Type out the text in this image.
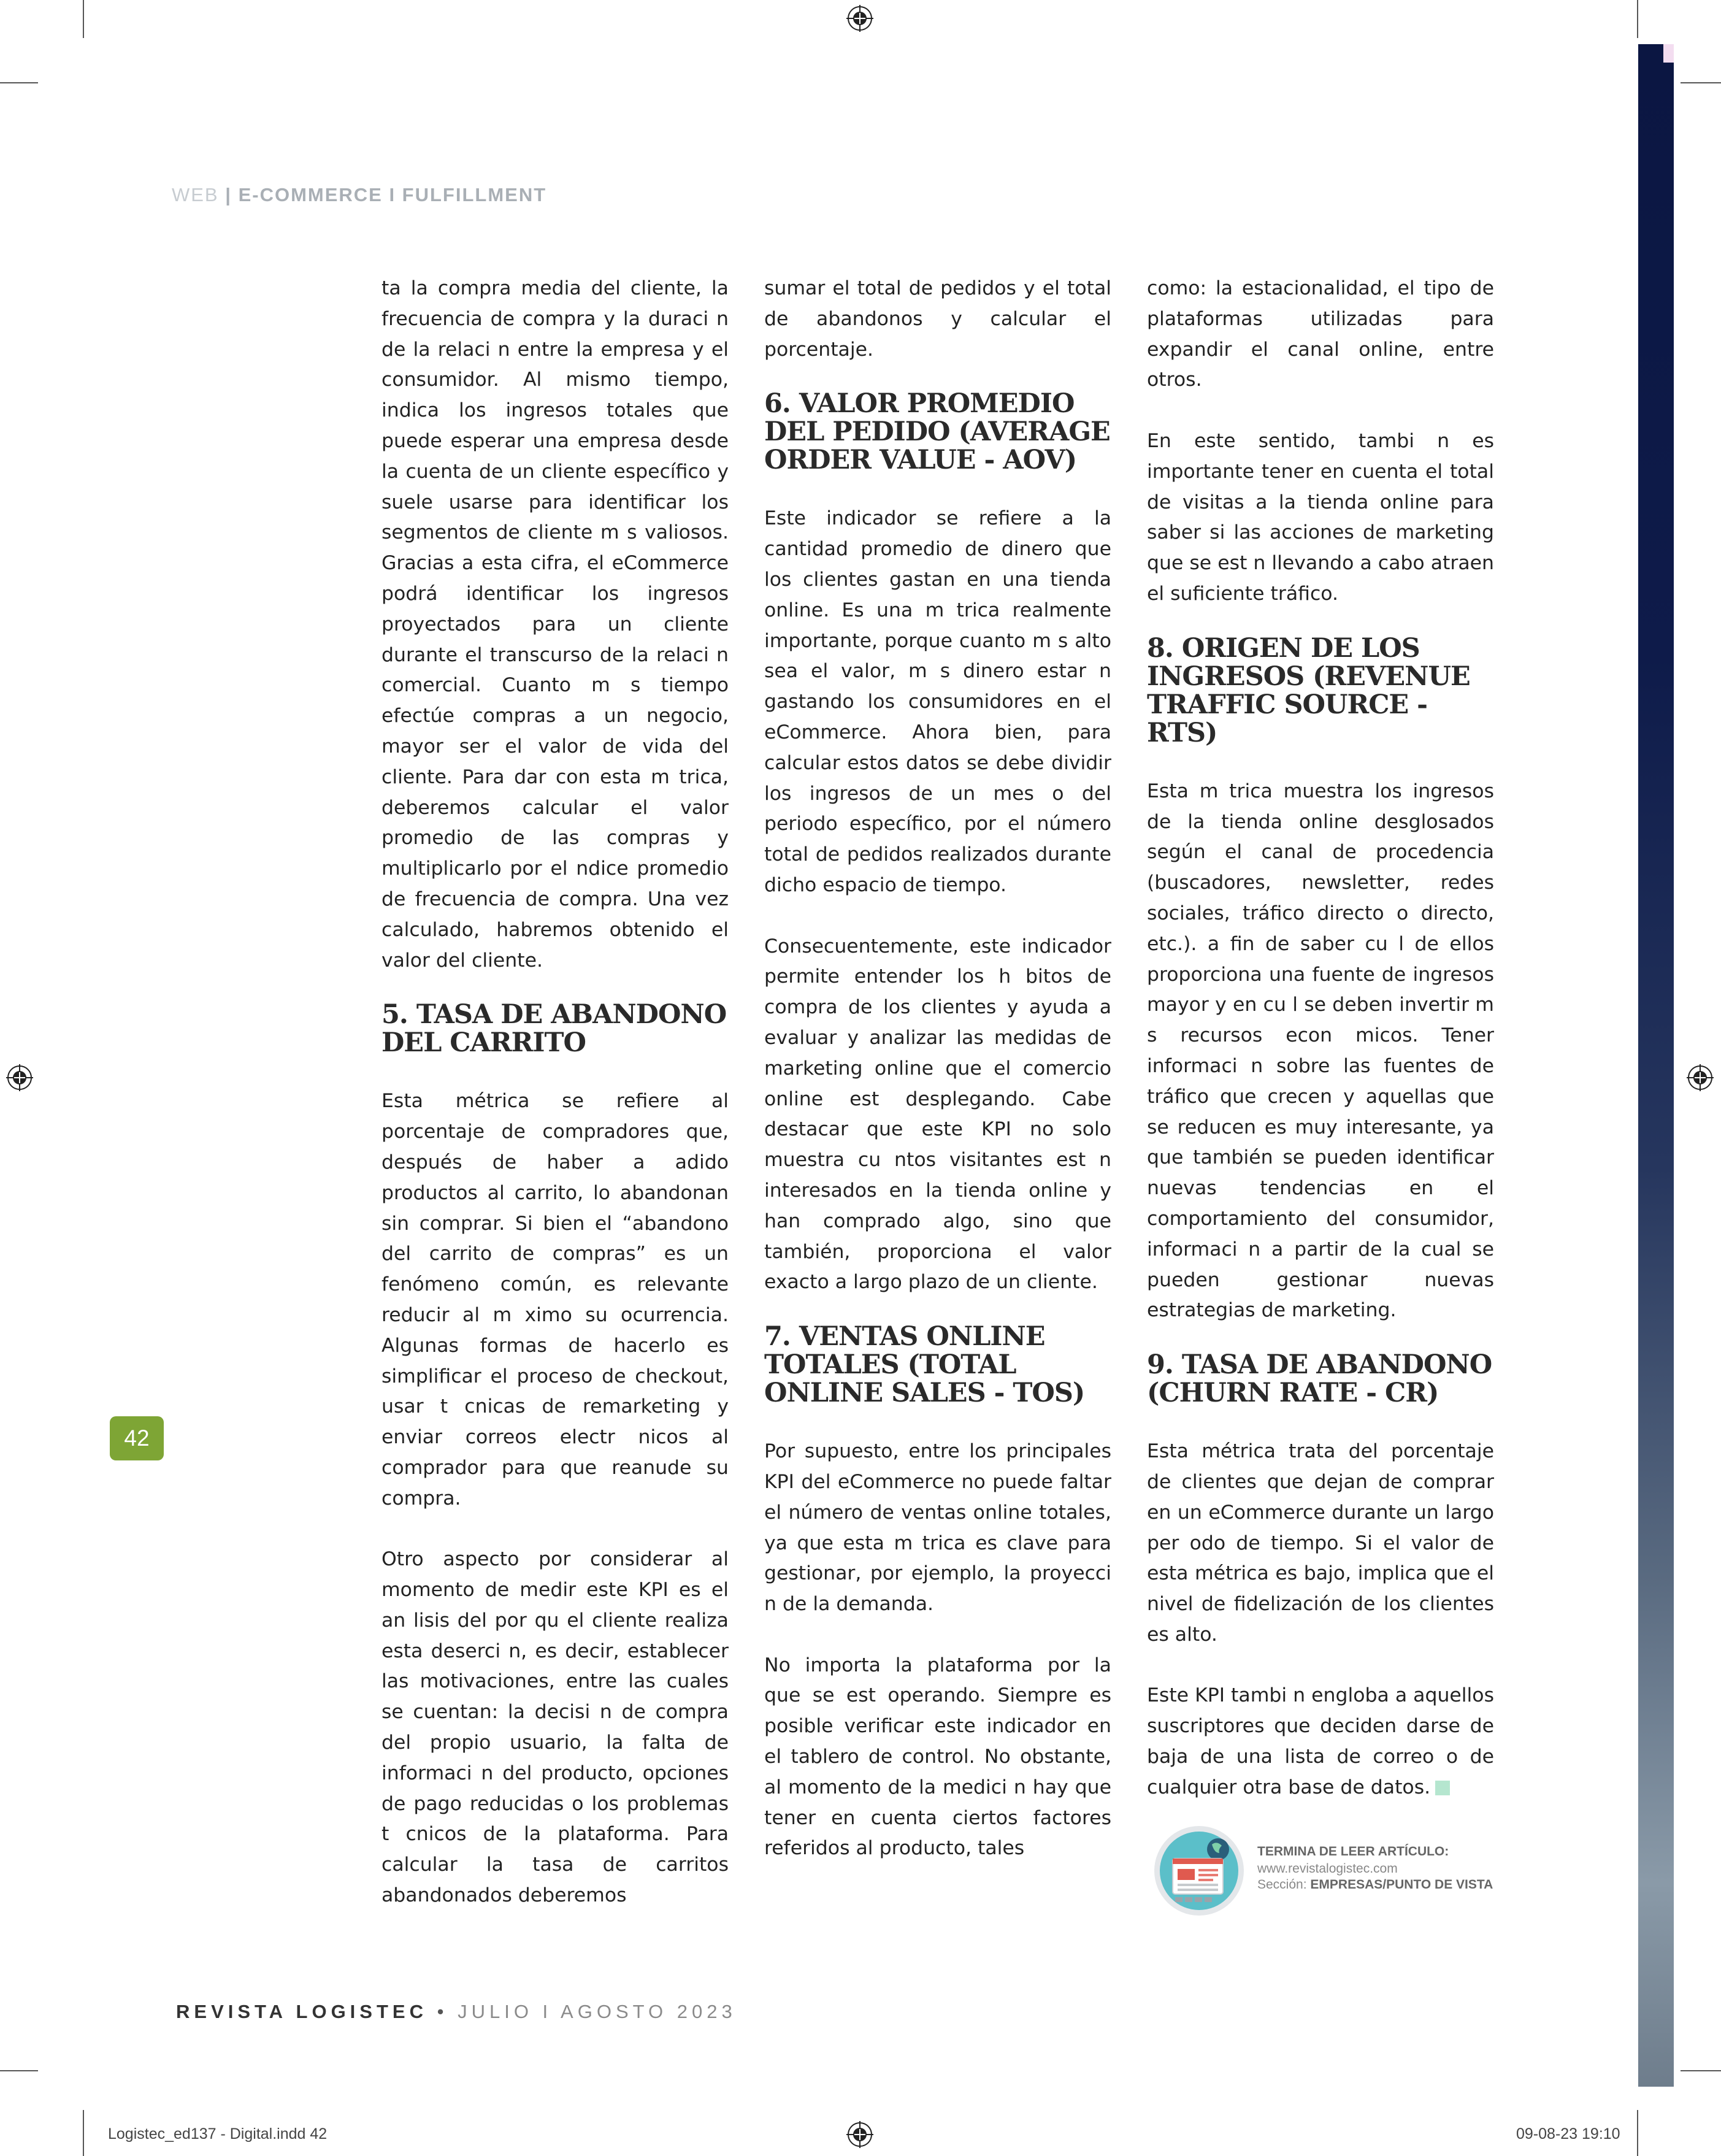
WEB | E-COMMERCE I FULFILLMENT

ta la compra media del cliente, la frecuencia de compra y la duraci n de la relaci n entre la empresa y el consumidor. Al mismo tiempo, indica los ingresos totales que puede esperar una empresa desde la cuenta de un cliente específico y suele usarse para identificar los segmentos de cliente m s valiosos. Gracias a esta cifra, el eCommerce podrá identificar los ingresos proyectados para un cliente durante el transcurso de la relaci n comercial. Cuanto m s tiempo efectúe compras a un negocio, mayor ser el valor de vida del cliente. Para dar con esta m trica, deberemos calcular el valor promedio de las compras y multiplicarlo por el ndice promedio de frecuencia de compra. Una vez calculado, habremos obtenido el valor del cliente.

5. TASA DE ABANDONO DEL CARRITO

Esta métrica se refiere al porcentaje de compradores que, después de haber a adido productos al carrito, lo abandonan sin comprar. Si bien el “abandono del carrito de compras” es un fenómeno común, es relevante reducir al m ximo su ocurrencia. Algunas formas de hacerlo es simplificar el proceso de checkout, usar t cnicas de remarketing y enviar correos electr nicos al comprador para que reanude su compra.

Otro aspecto por considerar al momento de medir este KPI es el an lisis del por qu el cliente realiza esta deserci n, es decir, establecer las motivaciones, entre las cuales se cuentan: la decisi n de compra del propio usuario, la falta de informaci n del producto, opciones de pago reducidas o los problemas t cnicos de la plataforma. Para calcular la tasa de carritos abandonados deberemos

sumar el total de pedidos y el total de abandonos y calcular el porcentaje.

6. VALOR PROMEDIO DEL PEDIDO (AVERAGE ORDER VALUE - AOV)

Este indicador se refiere a la cantidad promedio de dinero que los clientes gastan en una tienda online. Es una m trica realmente importante, porque cuanto m s alto sea el valor, m s dinero estar n gastando los consumidores en el eCommerce. Ahora bien, para calcular estos datos se debe dividir los ingresos de un mes o del periodo específico, por el número total de pedidos realizados durante dicho espacio de tiempo.

Consecuentemente, este indicador permite entender los h bitos de compra de los clientes y ayuda a evaluar y analizar las medidas de marketing online que el comercio online est desplegando. Cabe destacar que este KPI no solo muestra cu ntos visitantes est n interesados en la tienda online y han comprado algo, sino que también, proporciona el valor exacto a largo plazo de un cliente.

7. VENTAS ONLINE TOTALES (TOTAL ONLINE SALES - TOS)

Por supuesto, entre los principales KPI del eCommerce no puede faltar el número de ventas online totales, ya que esta m trica es clave para gestionar, por ejemplo, la proyecci n de la demanda.

No importa la plataforma por la que se est operando. Siempre es posible verificar este indicador en el tablero de control. No obstante, al momento de la medici n hay que tener en cuenta ciertos factores referidos al producto, tales

como: la estacionalidad, el tipo de plataformas utilizadas para expandir el canal online, entre otros.

En este sentido, tambi n es importante tener en cuenta el total de visitas a la tienda online para saber si las acciones de marketing que se est n llevando a cabo atraen el suficiente tráfico.

8. ORIGEN DE LOS INGRESOS (REVENUE TRAFFIC SOURCE - RTS)

Esta m trica muestra los ingresos de la tienda online desglosados según el canal de procedencia (buscadores, newsletter, redes sociales, tráfico directo o directo, etc.). a fin de saber cu l de ellos proporciona una fuente de ingresos mayor y en cu l se deben invertir m s recursos econ micos. Tener informaci n sobre las fuentes de tráfico que crecen y aquellas que se reducen es muy interesante, ya que también se pueden identificar nuevas tendencias en el comportamiento del consumidor, informaci n a partir de la cual se pueden gestionar nuevas estrategias de marketing.

9. TASA DE ABANDONO (CHURN RATE - CR)

Esta métrica trata del porcentaje de clientes que dejan de comprar en un eCommerce durante un largo per odo de tiempo. Si el valor de esta métrica es bajo, implica que el nivel de fidelización de los clientes es alto.

Este KPI tambi n engloba a aquellos suscriptores que deciden darse de baja de una lista de correo o de cualquier otra base de datos.

TERMINA DE LEER ARTÍCULO:
www.revistalogistec.com
Sección: EMPRESAS/PUNTO DE VISTA
42
REVISTA LOGISTEC • JULIO I AGOSTO 2023
Logistec_ed137 - Digital.indd 42	09-08-23 19:10
